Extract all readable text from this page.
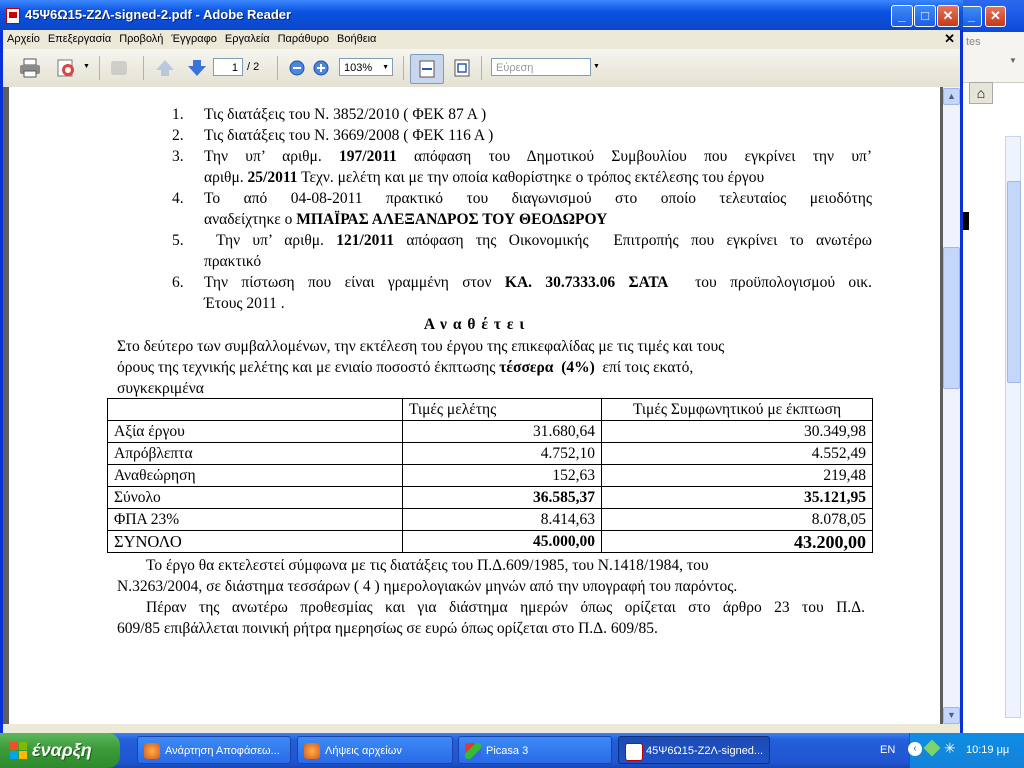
_	✕
tes
▼
⌂
45Ψ6Ω15-Ζ2Λ-signed-2.pdf - Adobe Reader	_	□	✕
Αρχείο Επεξεργασία Προβολή Έγγραφο Εργαλεία Παράθυρο Βοήθεια	✕
▼	1 / 2	103% ▼	Εύρεση	▼
1. Τις διατάξεις του Ν. 3852/2010 ( ΦΕΚ 87 Α )
2. Τις διατάξεις του Ν. 3669/2008 ( ΦΕΚ 116 Α )
3. Την υπ’ αριθμ. 197/2011 απόφαση του Δημοτικού Συμβουλίου που εγκρίνει την υπ’
αριθμ. 25/2011 Τεχν. μελέτη και με την οποία καθορίστηκε ο τρόπος εκτέλεσης του έργου
4. Το από 04-08-2011 πρακτικό του διαγωνισμού στο οποίο τελευταίος μειοδότης
αναδείχτηκε ο ΜΠΑΪΡΑΣ ΑΛΕΞΑΝΔΡΟΣ ΤΟΥ ΘΕΟΔΩΡΟΥ
5. Την υπ’ αριθμ. 121/2011 απόφαση της Οικονομικής  Επιτροπής που εγκρίνει το ανωτέρω
πρακτικό
6. Την πίστωση που είναι γραμμένη στον ΚΑ. 30.7333.06 ΣΑΤΑ  του προϋπολογισμού οικ.
Έτους 2011 .
Α ν α θ έ τ ε ι
Στο δεύτερο των συμβαλλομένων, την εκτέλεση του έργου της επικεφαλίδας με τις τιμές και τους
όρους της τεχνικής μελέτης και με ενιαίο ποσοστό έκπτωσης τέσσερα  (4%)  επί τοις εκατό,
συγκεκριμένα
	Τιμές μελέτης	Τιμές Συμφωνητικού με έκπτωση
Αξία έργου	31.680,64	30.349,98
Απρόβλεπτα	4.752,10	4.552,49
Αναθεώρηση	152,63	219,48
Σύνολο	36.585,37	35.121,95
ΦΠΑ 23%	8.414,63	8.078,05
ΣΥΝΟΛΟ	45.000,00	43.200,00
Το έργο θα εκτελεστεί σύμφωνα με τις διατάξεις του Π.Δ.609/1985, του Ν.1418/1984, του
Ν.3263/2004, σε διάστημα τεσσάρων ( 4 ) ημερολογιακών μηνών από την υπογραφή του παρόντος.
Πέραν της ανωτέρω προθεσμίας και για διάστημα ημερών όπως ορίζεται στο άρθρο 23 του Π.Δ.
609/85 επιβάλλεται ποινική ρήτρα ημερησίως σε ευρώ όπως ορίζεται στο Π.Δ. 609/85.
▲
▼
έναρξη	Ανάρτηση Αποφάσεω...	Λήψεις αρχείων	Picasa 3	45Ψ6Ω15-Ζ2Λ-signed...	EN	‹	✳ 10:19 μμ
